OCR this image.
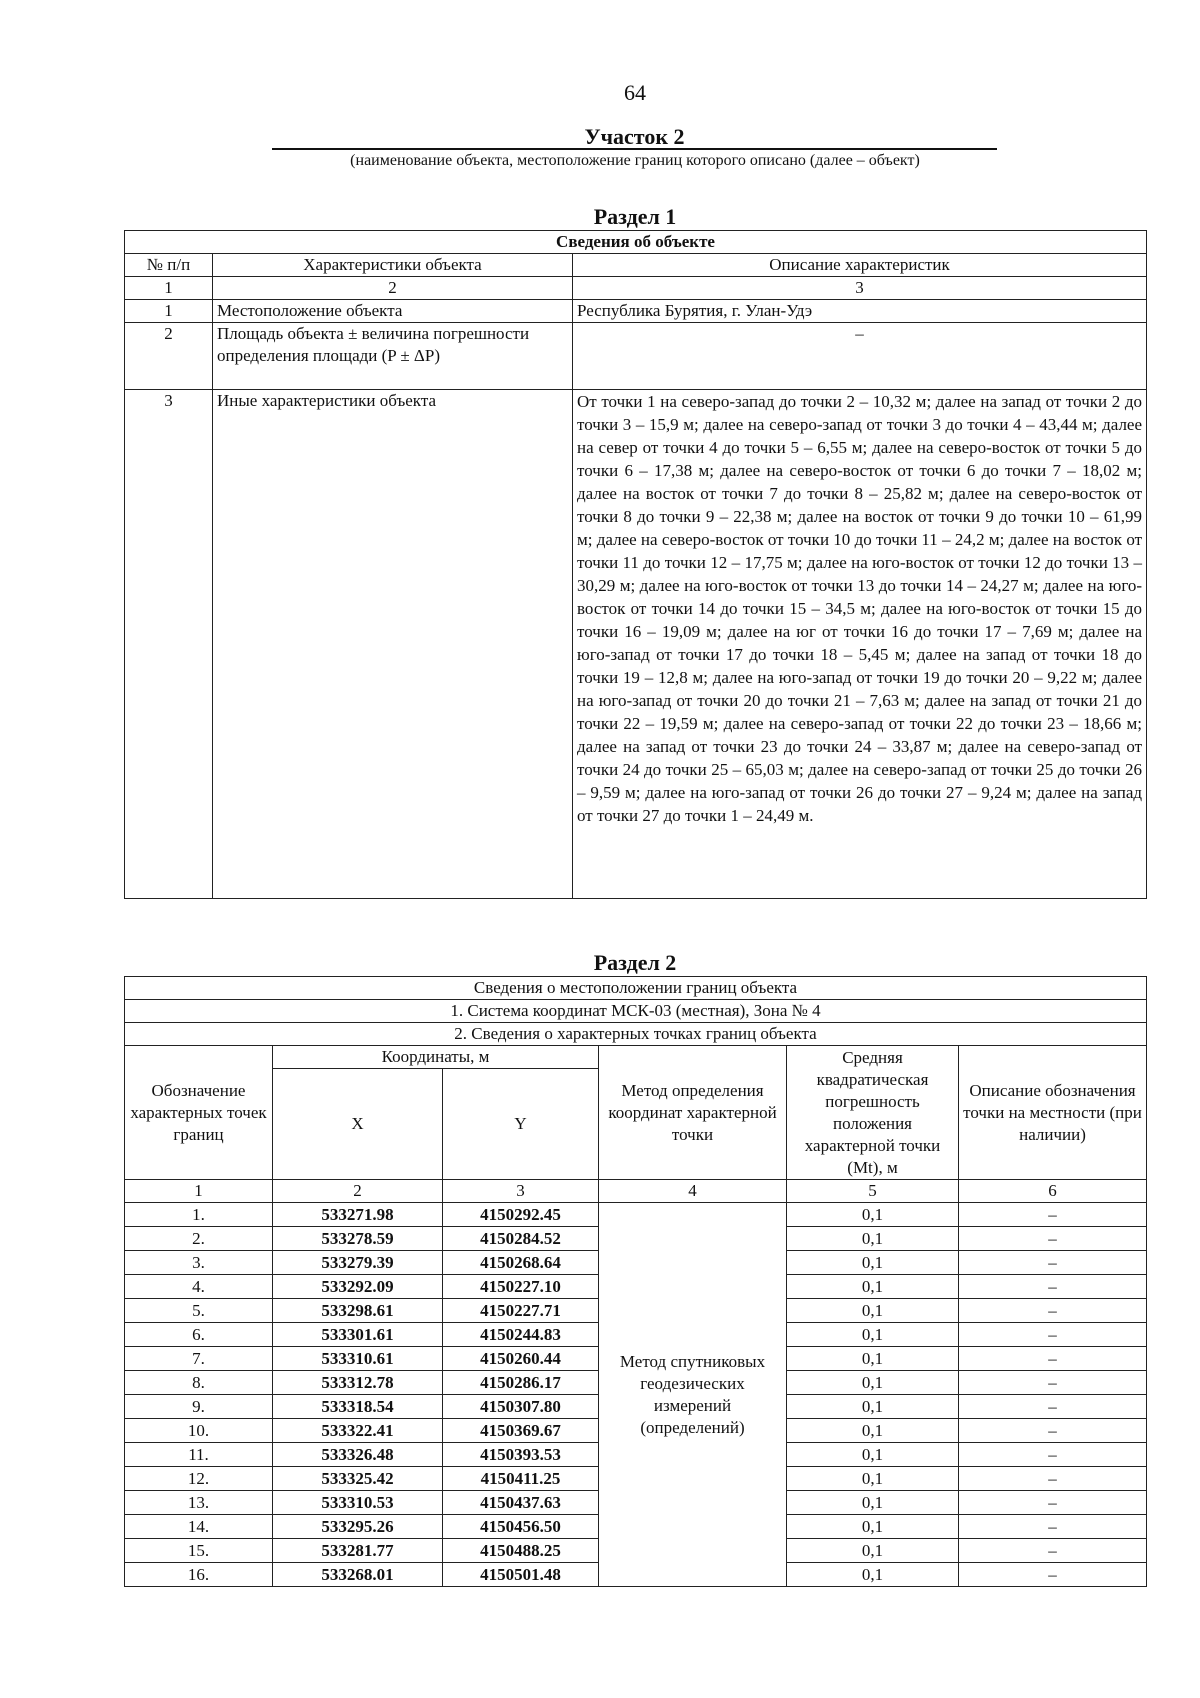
64
Участок 2
(наименование объекта, местоположение границ которого описано (далее – объект)
Раздел 1
Сведения об объекте		
№ п/п	Характеристики объекта	Описание характеристик
1	2	3
1	Местоположение объекта	Республика Бурятия, г. Улан-Удэ
2	Площадь объекта ± величина погрешности определения площади (P ± ΔP)	–
3	Иные характеристики объекта	От точки 1 на северо-запад до точки 2 – 10,32 м; далее на запад от точки 2 до точки 3 – 15,9 м; далее на северо-запад от точки 3 до точки 4 – 43,44 м; далее на север от точки 4 до точки 5 – 6,55 м; далее на северо-восток от точки 5 до точки 6 – 17,38 м; далее на северо-восток от точки 6 до точки 7 – 18,02 м; далее на восток от точки 7 до точки 8 – 25,82 м; далее на северо-восток от точки 8 до точки 9 – 22,38 м; далее на восток от точки 9 до точки 10 – 61,99 м; далее на северо-восток от точки 10 до точки 11 – 24,2 м; далее на восток от точки 11 до точки 12 – 17,75 м; далее на юго-восток от точки 12 до точки 13 – 30,29 м; далее на юго-восток от точки 13 до точки 14 – 24,27 м; далее на юго-восток от точки 14 до точки 15 – 34,5 м; далее на юго-восток от точки 15 до точки 16 – 19,09 м; далее на юг от точки 16 до точки 17 – 7,69 м; далее на юго-запад от точки 17 до точки 18 – 5,45 м; далее на запад от точки 18 до точки 19 – 12,8 м; далее на юго-запад от точки 19 до точки 20 – 9,22 м; далее на юго-запад от точки 20 до точки 21 – 7,63 м; далее на запад от точки 21 до точки 22 – 19,59 м; далее на северо-запад от точки 22 до точки 23 – 18,66 м; далее на запад от точки 23 до точки 24 – 33,87 м; далее на северо-запад от точки 24 до точки 25 – 65,03 м; далее на северо-запад от точки 25 до точки 26 – 9,59 м; далее на юго-запад от точки 26 до точки 27 – 9,24 м; далее на запад от точки 27 до точки 1 – 24,49 м.
Раздел 2
Сведения о местоположении границ объекта					
1. Система координат МСК-03 (местная), Зона № 4					
2. Сведения о характерных точках границ объекта					
Обозначение характерных точек границ	Координаты, м		Метод определения координат характерной точки	Средняя квадратическая погрешность положения характерной точки (Mt), м	Описание обозначения точки на местности (при наличии)
	X	Y			
1	2	3	4	5	6
1.	533271.98	4150292.45	Метод спутниковых геодезических измерений (определений)	0,1	–
2.	533278.59	4150284.52		0,1	–
3.	533279.39	4150268.64		0,1	–
4.	533292.09	4150227.10		0,1	–
5.	533298.61	4150227.71		0,1	–
6.	533301.61	4150244.83		0,1	–
7.	533310.61	4150260.44		0,1	–
8.	533312.78	4150286.17		0,1	–
9.	533318.54	4150307.80		0,1	–
10.	533322.41	4150369.67		0,1	–
11.	533326.48	4150393.53		0,1	–
12.	533325.42	4150411.25		0,1	–
13.	533310.53	4150437.63		0,1	–
14.	533295.26	4150456.50		0,1	–
15.	533281.77	4150488.25		0,1	–
16.	533268.01	4150501.48		0,1	–
